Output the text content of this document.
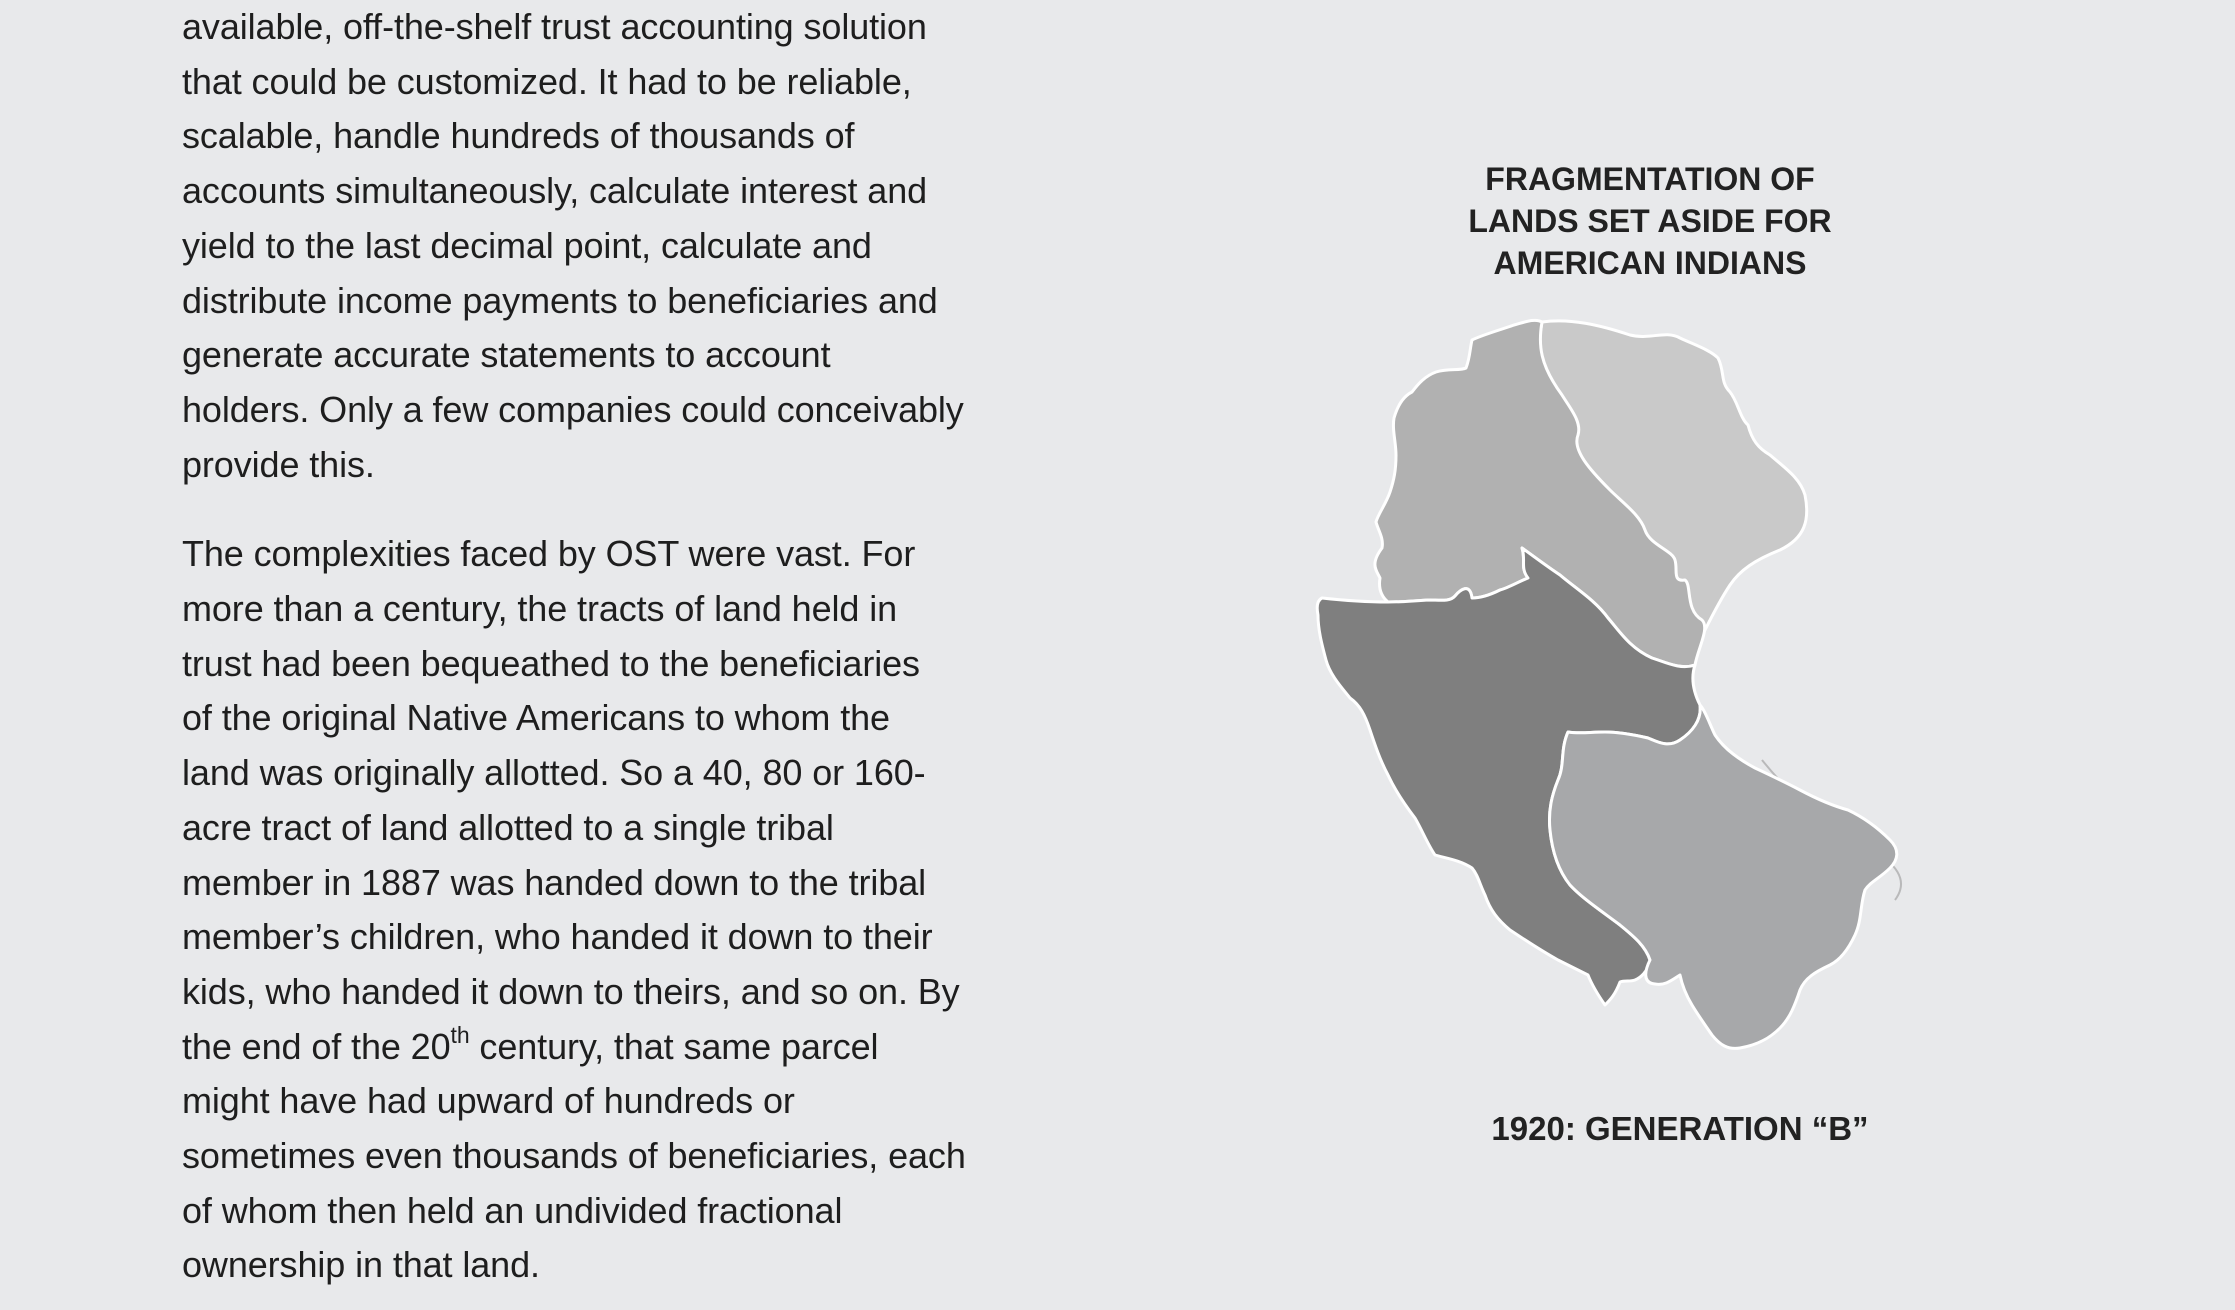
available, off-the-shelf trust accounting solution
that could be customized. It had to be reliable,
scalable, handle hundreds of thousands of
accounts simultaneously, calculate interest and
yield to the last decimal point, calculate and
distribute income payments to beneficiaries and
generate accurate statements to account
holders. Only a few companies could conceivably
provide this.

The complexities faced by OST were vast. For
more than a century, the tracts of land held in
trust had been bequeathed to the beneficiaries
of the original Native Americans to whom the
land was originally allotted. So a 40, 80 or 160-
acre tract of land allotted to a single tribal
member in 1887 was handed down to the tribal
member’s children, who handed it down to their
kids, who handed it down to theirs, and so on. By
the end of the 20th century, that same parcel
might have had upward of hundreds or
sometimes even thousands of beneficiaries, each
of whom then held an undivided fractional
ownership in that land.

FRAGMENTATION OF
LANDS SET ASIDE FOR
AMERICAN INDIANS
1920: GENERATION “B”
